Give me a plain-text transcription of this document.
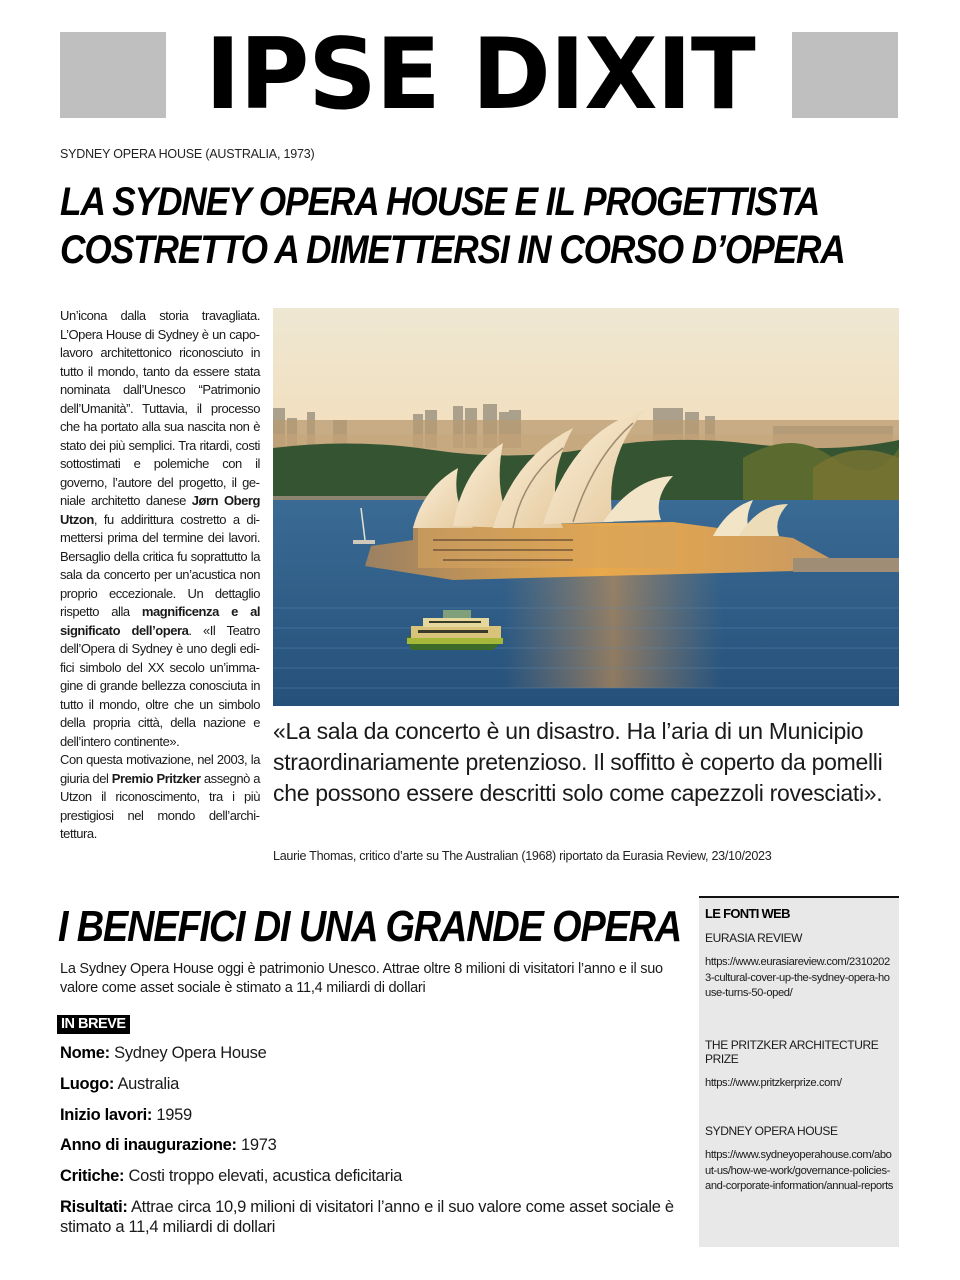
IPSE DIXIT
SYDNEY OPERA HOUSE (AUSTRALIA, 1973)
LA SYDNEY OPERA HOUSE E IL PROGETTISTA
COSTRETTO A DIMETTERSI IN CORSO D’OPERA

Un’icona dalla storia travagliata. L’Opera House di Sydney è un capolavoro architettonico riconosciuto in tutto il mondo, tanto da essere stata nominata dall’Unesco “Patrimonio dell’Umanità”. Tuttavia, il processo che ha portato alla sua nascita non è stato dei più semplici. Tra ritardi, costi sottostimati e polemiche con il governo, l’autore del progetto, il geniale architetto danese Jørn Oberg Utzon, fu addirittura costretto a dimettersi prima del termine dei lavori. Bersaglio della critica fu soprattutto la sala da concerto per un’acustica non proprio eccezionale. Un dettaglio rispetto alla magnificenza e al significato dell’opera. «Il Teatro dell’Opera di Sydney è uno degli edifici simbolo del XX secolo un’immagine di grande bellezza conosciuta in tutto il mondo, oltre che un simbolo della propria città, della nazione e dell’intero continente».

Con questa motivazione, nel 2003, la giuria del Premio Pritzker assegnò a Utzon il riconoscimento, tra i più prestigiosi nel mondo dell’architettura.

«La sala da concerto è un disastro. Ha l’aria di un Municipio straordinariamente pretenzioso. Il soffitto è coperto da pomelli che possono essere descritti solo come capezzoli rovesciati».
Laurie Thomas, critico d’arte su The Australian (1968) riportato da Eurasia Review, 23/10/2023
I BENEFICI DI UNA GRANDE OPERA

La Sydney Opera House oggi è patrimonio Unesco. Attrae oltre 8 milioni di visitatori l’anno e il suo valore come asset sociale è stimato a 11,4 miliardi di dollari

IN BREVE
Nome: Sydney Opera House
Luogo: Australia
Inizio lavori: 1959
Anno di inaugurazione: 1973
Critiche: Costi troppo elevati, acustica deficitaria
Risultati: Attrae circa 10,9 milioni di visitatori l’anno e il suo valore come asset sociale è stimato a 11,4 miliardi di dollari
LE FONTI WEB
EURASIA REVIEW
https://www.eurasiareview.com/23102023-cultural-cover-up-the-sydney-opera-house-turns-50-oped/
THE PRITZKER ARCHITECTURE PRIZE
https://www.pritzkerprize.com/
SYDNEY OPERA HOUSE
https://www.sydneyoperahouse.com/about-us/how-we-work/governance-policies-and-corporate-information/annual-reports
